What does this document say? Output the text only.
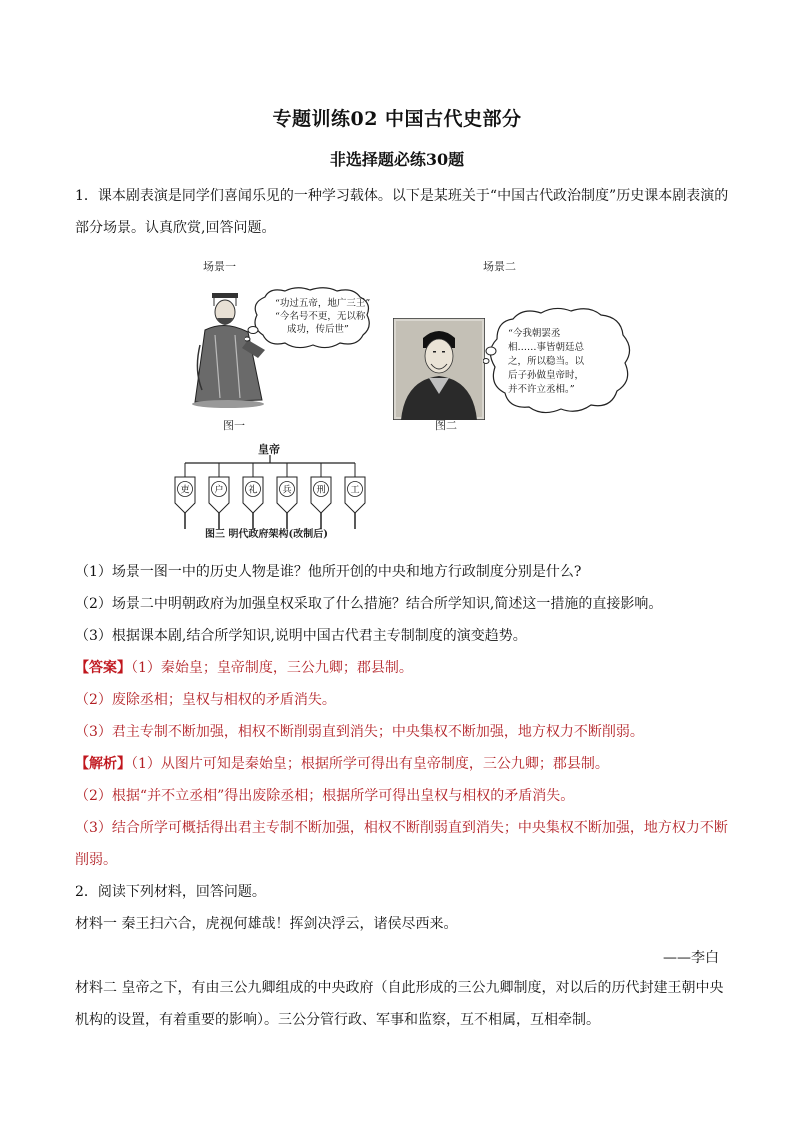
专题训练02 中国古代史部分
非选择题必练30题
1．课本剧表演是同学们喜闻乐见的一种学习载体。以下是某班关于“中国古代政治制度”历史课本剧表演的
部分场景。认真欣赏,回答问题。
场景一	场景二
“功过五帝，地广三王”
“今名号不更，无以称
成功，传后世”	“今我朝罢丞
相……事皆朝廷总
之，所以稳当。以
后子孙做皇帝时，
并不许立丞相。”
图一	图二
皇帝
吏	户	礼	兵	刑	工
图三 明代政府架构(改制后)
（1）场景一图一中的历史人物是谁？他所开创的中央和地方行政制度分别是什么?
（2）场景二中明朝政府为加强皇权采取了什么措施？结合所学知识,简述这一措施的直接影响。
（3）根据课本剧,结合所学知识,说明中国古代君主专制制度的演变趋势。
【答案】（1）秦始皇；皇帝制度，三公九卿；郡县制。
（2）废除丞相；皇权与相权的矛盾消失。
（3）君主专制不断加强，相权不断削弱直到消失；中央集权不断加强，地方权力不断削弱。
【解析】（1）从图片可知是秦始皇；根据所学可得出有皇帝制度，三公九卿；郡县制。
（2）根据“并不立丞相”得出废除丞相；根据所学可得出皇权与相权的矛盾消失。
（3）结合所学可概括得出君主专制不断加强，相权不断削弱直到消失；中央集权不断加强，地方权力不断
削弱。
2．阅读下列材料，回答问题。
材料一 秦王扫六合，虎视何雄哉！挥剑决浮云，诸侯尽西来。
——李白
材料二 皇帝之下，有由三公九卿组成的中央政府（自此形成的三公九卿制度，对以后的历代封建王朝中央
机构的设置，有着重要的影响）。三公分管行政、军事和监察，互不相属，互相牵制。
